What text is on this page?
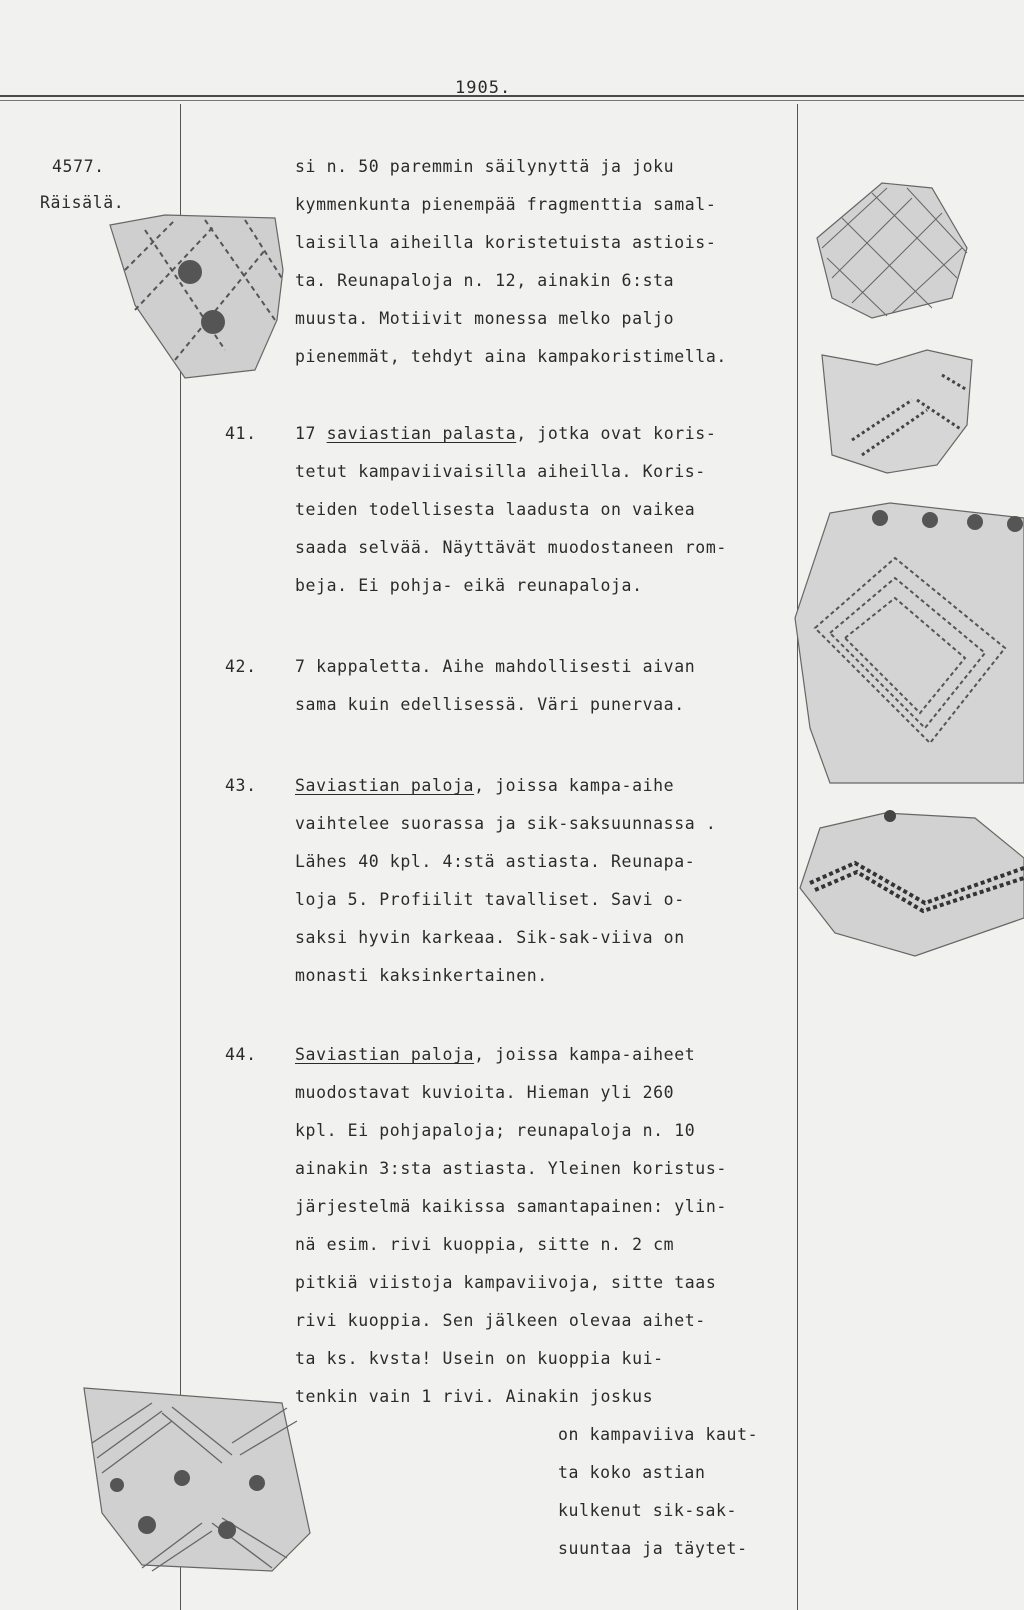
1905.
4577.
Räisälä.
si n. 50 paremmin säilynyttä ja joku
kymmenkunta pienempää fragmenttia samal-
laisilla aiheilla koristetuista astiois-
ta. Reunapaloja n. 12, ainakin 6:sta
muusta. Motiivit monessa melko paljo
pienemmät, tehdyt aina kampakoristimella.
41. 17 saviastian palasta, jotka ovat koris-
tetut kampaviivaisilla aiheilla. Koris-
teiden todellisesta laadusta on vaikea
saada selvää. Näyttävät muodostaneen rom-
beja. Ei pohja- eikä reunapaloja.
42. 7 kappaletta. Aihe mahdollisesti aivan
sama kuin edellisessä. Väri punervaa.
43. Saviastian paloja, joissa kampa-aihe
vaihtelee suorassa ja sik-saksuunnassa .
Lähes 40 kpl. 4:stä astiasta. Reunapa-
loja 5. Profiilit tavalliset. Savi o-
saksi hyvin karkeaa. Sik-sak-viiva on
monasti kaksinkertainen.
44. Saviastian paloja, joissa kampa-aiheet
muodostavat kuvioita. Hieman yli 260
kpl. Ei pohjapaloja; reunapaloja n. 10
ainakin 3:sta astiasta. Yleinen koristus-
järjestelmä kaikissa samantapainen: ylin-
nä esim. rivi kuoppia, sitte n. 2 cm
pitkiä viistoja kampaviivoja, sitte taas
rivi kuoppia. Sen jälkeen olevaa aihet-
ta ks. kvsta! Usein on kuoppia kui-
tenkin vain 1 rivi. Ainakin joskus
on kampaviiva kaut-
ta koko astian
kulkenut sik-sak-
suuntaa ja täytet-
